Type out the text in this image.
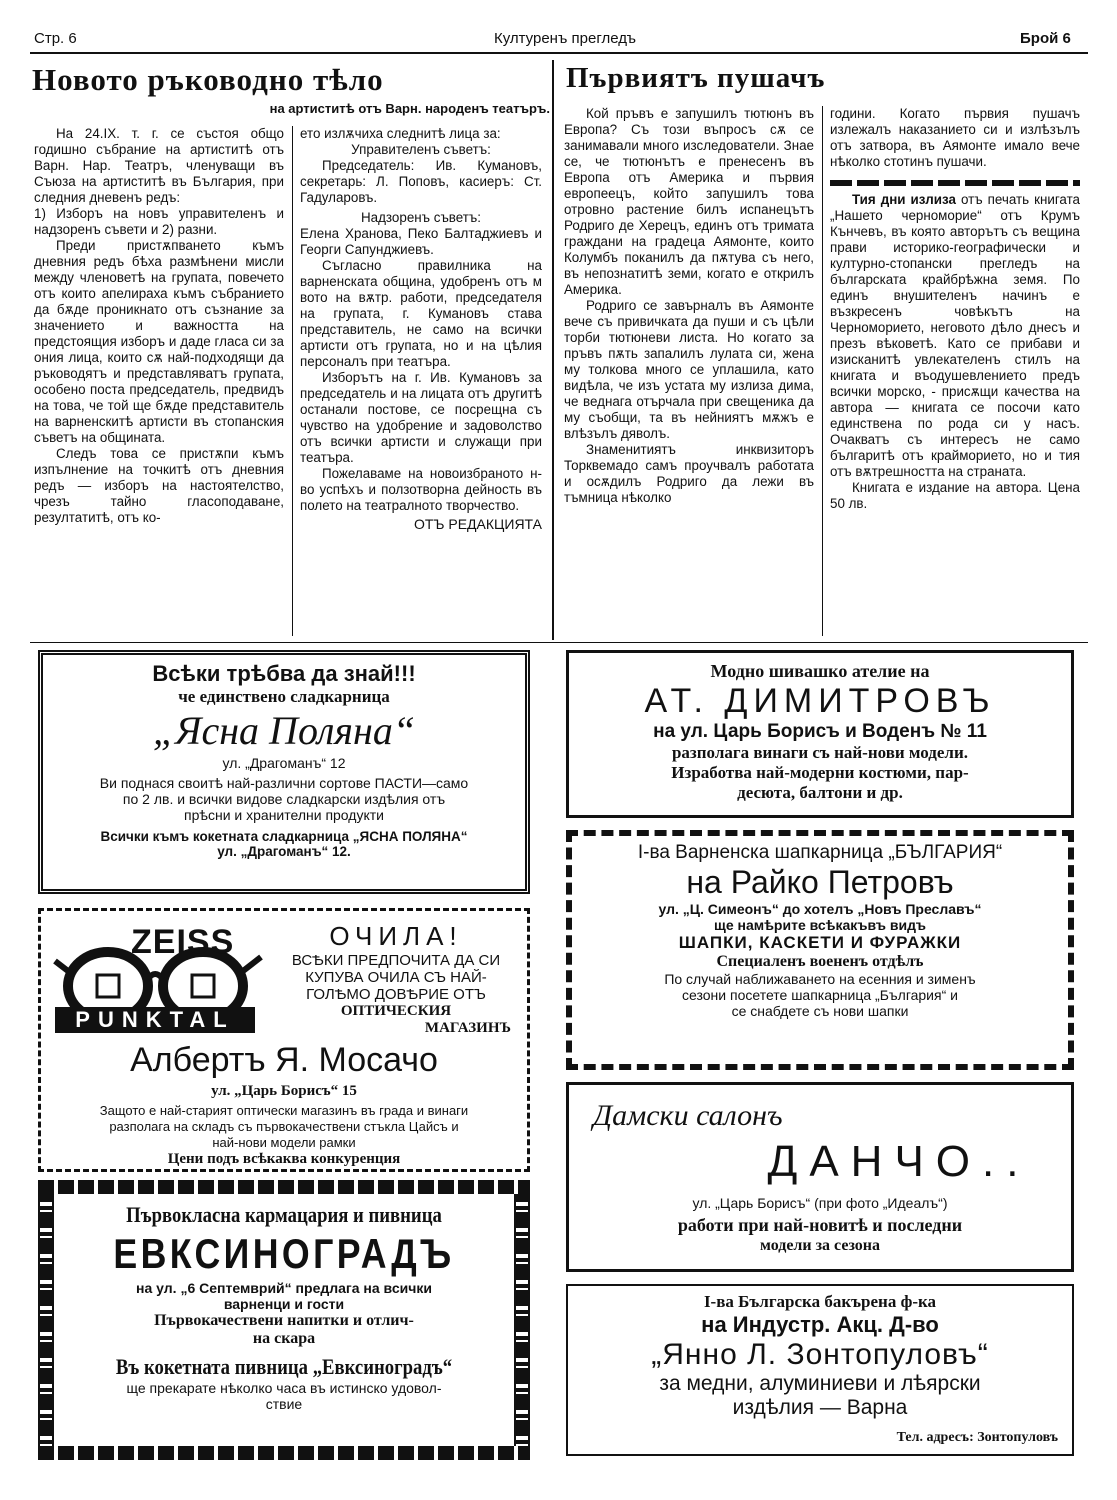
Стр. 6	Културенъ прегледъ	Брой 6
Новото ръководно тѣло
на артиститѣ отъ Варн. народенъ театъръ.

На 24.IX. т. г. се състоя общо годишно събрание на артиститѣ отъ Варн. Нар. Театръ, членуващи въ Съюза на артиститѣ въ България, при следния дневенъ редъ:

1) Изборъ на новъ управителенъ и надзоренъ съвети и 2) разни.

Преди пристѫпването къмъ дневния редъ бѣха размѣнени мисли между членоветѣ на групата, повечето отъ които апелираха къмъ събранието да бѫде проникнато отъ съзнание за значението и важността на предстоящия изборъ и даде гласа си за ония лица, които сѫ най-подходящи да ръководятъ и представляватъ групата, особено поста председатель, предвидъ на това, че той ще бѫде представитель на варненскитѣ артисти въ стопанския съветъ на общината.

Следъ това се пристѫпи къмъ изпълнение на точкитѣ отъ дневния редъ — изборъ на настоятелство, чрезъ тайно гласоподаване, резултатитѣ, отъ ко-

ето излѫчиха следнитѣ лица за:

Управителенъ съветъ:

Председатель: Ив. Кумановъ, секретарь: Л. Поповъ, касиеръ: Ст. Гадуларовъ.

Надзоренъ съветъ:

Елена Хранова, Пеко Балтаджиевъ и Георги Сапунджиевъ.

Съгласно правилника на варненската община, удобренъ отъ м вото на вѫтр. работи, председателя на групата, г. Кумановъ става представитель, не само на всички артисти отъ групата, но и на цѣлия персоналъ при театъра.

Изборътъ на г. Ив. Кумановъ за председатель и на лицата отъ другитѣ останали постове, се посрещна съ чувство на удобрение и задоволство отъ всички артисти и служащи при театъра.

Пожелаваме на новоизбраното н-во успѣхъ и ползотворна дейность въ полето на театралното творчество.

ОТЪ РЕДАКЦИЯТА

Първиятъ пушачъ

Кой пръвъ е запушилъ тютюнъ въ Европа? Съ този въпросъ сѫ се занимавали много изследователи. Знае се, че тютюнътъ е пренесенъ въ Европа отъ Америка и първия европеецъ, който запушилъ това отровно растение билъ испанецътъ Родриго де Херецъ, единъ отъ тримата граждани на градеца Аямонте, които Колумбъ поканилъ да пѫтува съ него, въ непознатитѣ земи, когато е открилъ Америка.

Родриго се завърналъ въ Аямонте вече съ привичката да пуши и съ цѣли торби тютюневи листа. Но когато за пръвъ пѫть запалилъ лулата си, жена му толкова много се уплашила, като видѣла, че изъ устата му излиза дима, че веднага отърчала при свещеника да му съобщи, та въ нейниятъ мѫжъ е влѣзълъ дяволъ.

Знаменитиятъ инквизиторъ Торквемадо самъ проучвалъ работата и осѫдилъ Родриго да лежи въ тъмница нѣколко

години. Когато първия пушачъ излежалъ наказанието си и излѣзълъ отъ затвора, въ Аямонте имало вече нѣколко стотинъ пушачи.

Тия дни излиза отъ печать книгата „Нашето черноморие“ отъ Крумъ Кънчевъ, въ която авторътъ съ вещина прави историко-географически и културно-стопански прегледъ на българската крайбрѣжна земя. По единъ внушителенъ начинъ е възкресенъ човѣкътъ на Черноморието, неговото дѣло днесъ и презъ вѣковетѣ. Като се прибави и изисканитѣ увлекателенъ стилъ на книгата и въодушевлението предъ всички морско, - присѫщи качества на автора — книгата се посочи като единствена по рода си у насъ. Очакватъ съ интересъ не само българитѣ отъ крайморието, но и тия отъ вѫтрешността на страната.

Книгата е издание на автора. Цена 50 лв.

Всѣки трѣбва да знай!!!
че единствено сладкарница
„Ясна Поляна“
ул. „Драгоманъ“ 12
Ви поднася своитѣ най-различни сортове ПАСТИ—само
по 2 лв. и всички видове сладкарски издѣлия отъ
прѣсни и хранителни продукти
Всички къмъ кокетната сладкарница „ЯСНА ПОЛЯНА“
ул. „Драгоманъ“ 12.
ZEISS
PUNKTAL
ОЧИЛА!
ВСѢКИ ПРЕДПОЧИТА ДА СИ
КУПУВА ОЧИЛА СЪ НАЙ-
ГОЛѢМО ДОВѢРИЕ ОТЪ
ОПТИЧЕСКИЯ
МАГАЗИНЪ
Албертъ Я. Мосачо
ул. „Царь Борисъ“ 15
Защото е най-старият оптически магазинъ въ града и винаги
разполага на складъ съ първокачествени стъкла Цайсъ и
най-нови модели рамки
Цени подъ всѣкаква конкуренция
Първокласна кармацария и пивница
ЕВКСИНОГРАДЪ
на ул. „6 Септемврий“ предлага на всички
варненци и гости
Първокачествени напитки и отлич-
на скара
Въ кокетната пивница „Евксиноградъ“
ще прекарате нѣколко часа въ истинско удовол-
ствие
Модно шивашко ателие на
АТ. ДИМИТРОВЪ
на ул. Царь Борисъ и Воденъ № 11
разполага винаги съ най-нови модели.
Изработва най-модерни костюми, пар-
десюта, балтони и др.
I-ва Варненска шапкарница „БЪЛГАРИЯ“
на Райко Петровъ
ул. „Ц. Симеонъ“ до хотелъ „Новъ Преславъ“
ще намѣрите всѣкакъвъ видъ
ШАПКИ, КАСКЕТИ И ФУРАЖКИ
Специаленъ воененъ отдѣлъ
По случай наближаването на есенния и зименъ
сезони посетете шапкарница „България“ и
се снабдете съ нови шапки
Дамски салонъ
ДАНЧО..
ул. „Царь Борисъ“ (при фото „Идеалъ“)
работи при най-новитѣ и последни
модели за сезона
I-ва Българска бакърена ф-ка
на Индустр. Акц. Д-во
„Янно Л. Зонтопуловъ“
за медни, алуминиеви и лѣярски
издѣлия — Варна
Тел. адресъ: Зонтопуловъ
